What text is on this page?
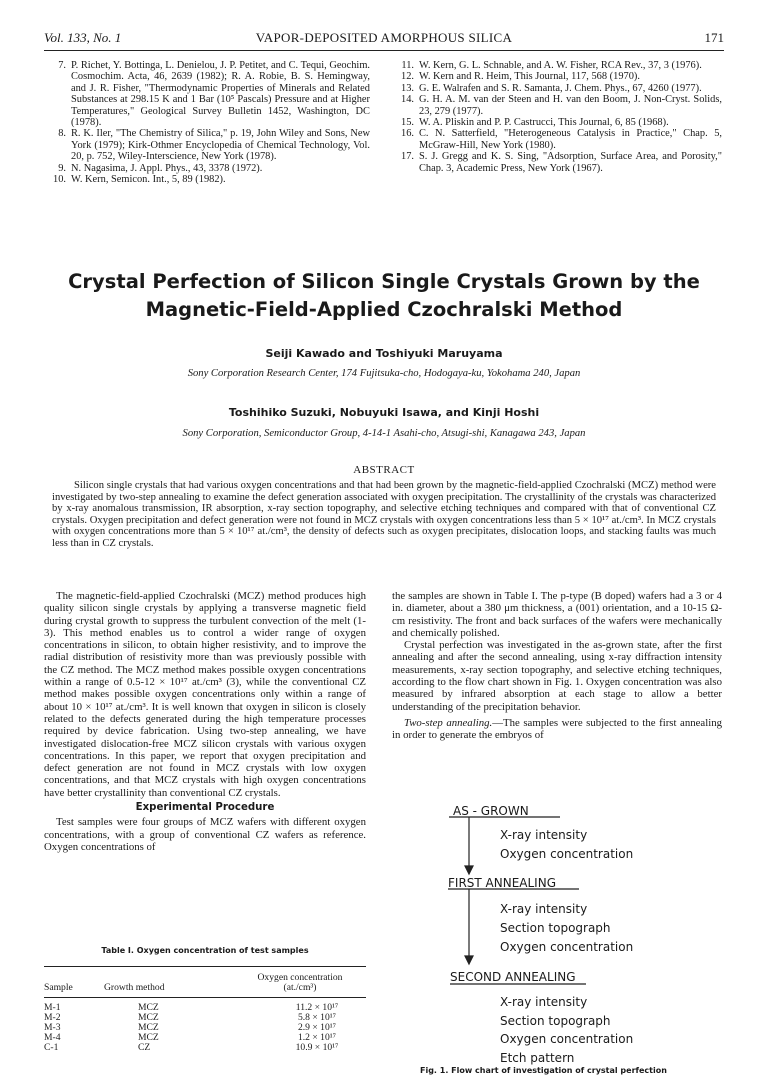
Vol. 133, No. 1	VAPOR-DEPOSITED AMORPHOUS SILICA	171
7. P. Richet, Y. Bottinga, L. Denielou, J. P. Petitet, and C. Tequi, Geochim. Cosmochim. Acta, 46, 2639 (1982); R. A. Robie, B. S. Hemingway, and J. R. Fisher, "Thermodynamic Properties of Minerals and Related Substances at 298.15 K and 1 Bar (10⁵ Pascals) Pressure and at Higher Temperatures," Geological Survey Bulletin 1452, Washington, DC (1978).
8. R. K. Iler, "The Chemistry of Silica," p. 19, John Wiley and Sons, New York (1979); Kirk-Othmer Encyclopedia of Chemical Technology, Vol. 20, p. 752, Wiley-Interscience, New York (1978).
9. N. Nagasima, J. Appl. Phys., 43, 3378 (1972).
10. W. Kern, Semicon. Int., 5, 89 (1982).
11. W. Kern, G. L. Schnable, and A. W. Fisher, RCA Rev., 37, 3 (1976).
12. W. Kern and R. Heim, This Journal, 117, 568 (1970).
13. G. E. Walrafen and S. R. Samanta, J. Chem. Phys., 67, 4260 (1977).
14. G. H. A. M. van der Steen and H. van den Boom, J. Non-Cryst. Solids, 23, 279 (1977).
15. W. A. Pliskin and P. P. Castrucci, This Journal, 6, 85 (1968).
16. C. N. Satterfield, "Heterogeneous Catalysis in Practice," Chap. 5, McGraw-Hill, New York (1980).
17. S. J. Gregg and K. S. Sing, "Adsorption, Surface Area, and Porosity," Chap. 3, Academic Press, New York (1967).
Crystal Perfection of Silicon Single Crystals Grown by the
Magnetic-Field-Applied Czochralski Method
Seiji Kawado and Toshiyuki Maruyama
Sony Corporation Research Center, 174 Fujitsuka-cho, Hodogaya-ku, Yokohama 240, Japan
Toshihiko Suzuki, Nobuyuki Isawa, and Kinji Hoshi
Sony Corporation, Semiconductor Group, 4-14-1 Asahi-cho, Atsugi-shi, Kanagawa 243, Japan
ABSTRACT
Silicon single crystals that had various oxygen concentrations and that had been grown by the magnetic-field-applied Czochralski (MCZ) method were investigated by two-step annealing to examine the defect generation associated with oxygen precipitation. The crystallinity of the crystals was characterized by x-ray anomalous transmission, IR absorption, x-ray section topography, and selective etching techniques and compared with that of conventional CZ crystals. Oxygen precipitation and defect generation were not found in MCZ crystals with oxygen concentrations less than 5 × 10¹⁷ at./cm³. In MCZ crystals with oxygen concentrations more than 5 × 10¹⁷ at./cm³, the density of defects such as oxygen precipitates, dislocation loops, and stacking faults was much less than in CZ crystals.

The magnetic-field-applied Czochralski (MCZ) method produces high quality silicon single crystals by applying a transverse magnetic field during crystal growth to suppress the turbulent convection of the melt (1-3). This method enables us to control a wider range of oxygen concentrations in silicon, to obtain higher resistivity, and to improve the radial distribution of resistivity more than was previously possible with the CZ method. The MCZ method makes possible oxygen concentrations within a range of 0.5-12 × 10¹⁷ at./cm³ (3), while the conventional CZ method makes possible oxygen concentrations only within a range of about 10 × 10¹⁷ at./cm³. It is well known that oxygen in silicon is closely related to the defects generated during the high temperature processes required by device fabrication. Using two-step annealing, we have investigated dislocation-free MCZ silicon crystals with various oxygen concentrations. In this paper, we report that oxygen precipitation and defect generation are not found in MCZ crystals with low oxygen concentrations, and that MCZ crystals with high oxygen concentrations have better crystallinity than conventional CZ crystals.

Experimental Procedure

Test samples were four groups of MCZ wafers with different oxygen concentrations, with a group of conventional CZ wafers as reference. Oxygen concentrations of

Table I. Oxygen concentration of test samples
		Oxygen concentration
Sample	Growth method	(at./cm³)
M-1	MCZ	11.2 × 10¹⁷
M-2	MCZ	5.8 × 10¹⁷
M-3	MCZ	2.9 × 10¹⁷
M-4	MCZ	1.2 × 10¹⁷
C-1	CZ	10.9 × 10¹⁷

the samples are shown in Table I. The p-type (B doped) wafers had a 3 or 4 in. diameter, about a 380 μm thickness, a (001) orientation, and a 10-15 Ω-cm resistivity. The front and back surfaces of the wafers were mechanically and chemically polished.

Crystal perfection was investigated in the as-grown state, after the first annealing and after the second annealing, using x-ray diffraction intensity measurements, x-ray section topography, and selective etching techniques, according to the flow chart shown in Fig. 1. Oxygen concentration was also measured by infrared absorption at each stage to allow a better understanding of the precipitation behavior.

Two-step annealing.—The samples were subjected to the first annealing in order to generate the embryos of

AS - GROWN
X-ray intensity
Oxygen concentration
FIRST ANNEALING
X-ray intensity
Section topograph
Oxygen concentration
SECOND ANNEALING
X-ray intensity
Section topograph
Oxygen concentration
Etch pattern
Fig. 1. Flow chart of investigation of crystal perfection
